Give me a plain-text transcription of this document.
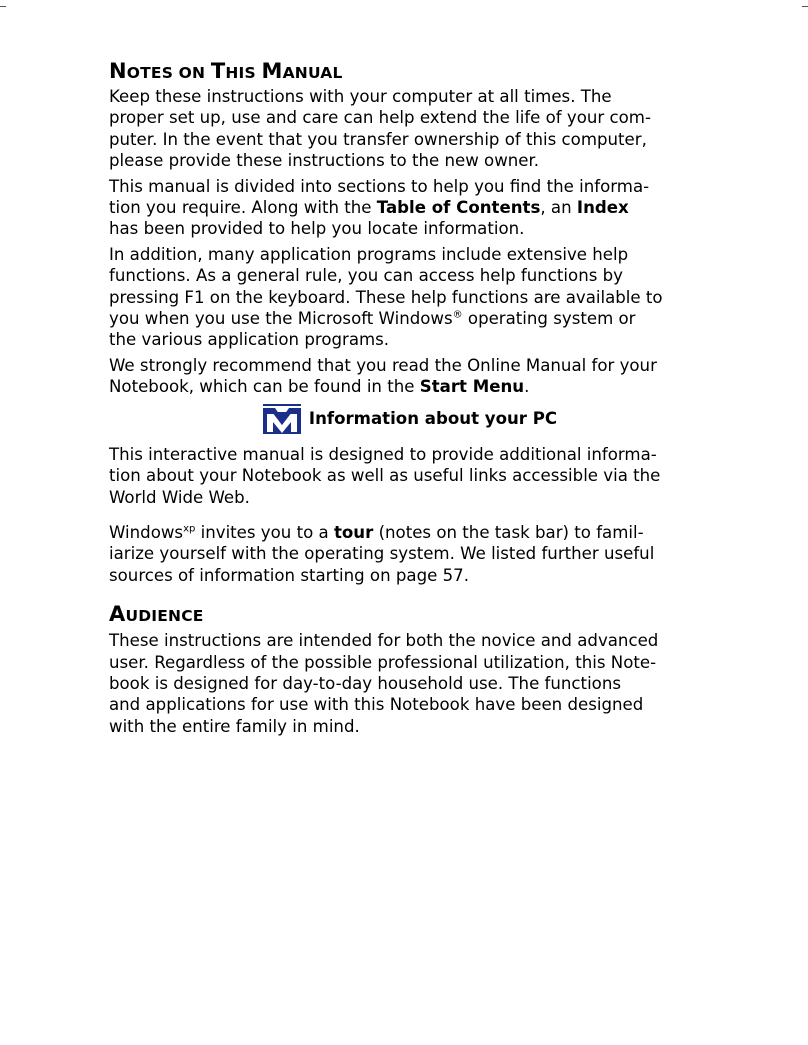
NOTES ON THIS MANUAL

Keep these instructions with your computer at all times. The
proper set up, use and care can help extend the life of your com-
puter. In the event that you transfer ownership of this computer,
please provide these instructions to the new owner.

This manual is divided into sections to help you find the informa-
tion you require. Along with the Table of Contents, an Index
has been provided to help you locate information.

In addition, many application programs include extensive help
functions. As a general rule, you can access help functions by
pressing F1 on the keyboard. These help functions are available to
you when you use the Microsoft Windows® operating system or
the various application programs.

We strongly recommend that you read the Online Manual for your
Notebook, which can be found in the Start Menu.

Information about your PC

This interactive manual is designed to provide additional informa-
tion about your Notebook as well as useful links accessible via the
World Wide Web.

Windows$^{xp}$ invites you to a tour (notes on the task bar) to famil-
iarize yourself with the operating system. We listed further useful
sources of information starting on page 57.

AUDIENCE

These instructions are intended for both the novice and advanced
user. Regardless of the possible professional utilization, this Note-
book is designed for day-to-day household use. The functions
and applications for use with this Notebook have been designed
with the entire family in mind.
